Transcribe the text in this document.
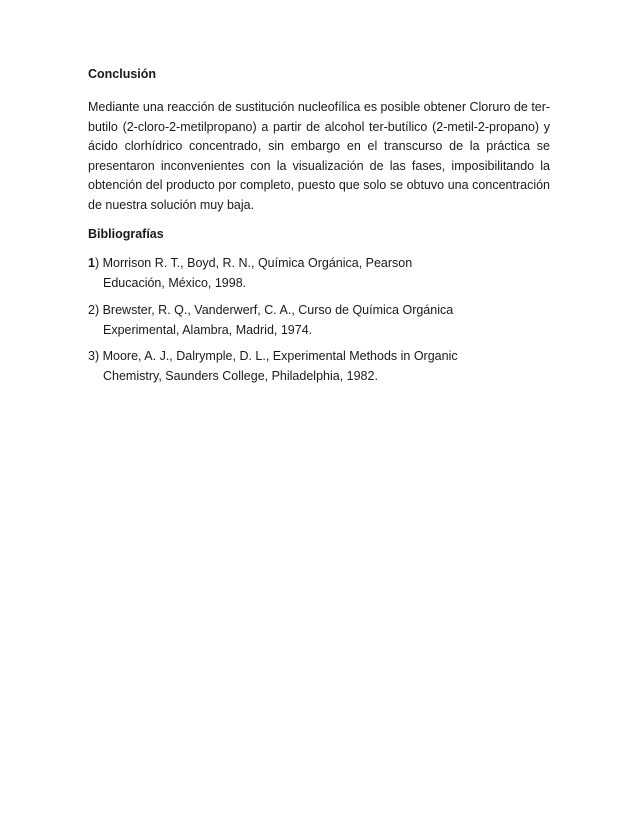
Conclusión

Mediante una reacción de sustitución nucleofílica es posible obtener Cloruro de ter-
butilo (2-cloro-2-metilpropano) a partir de alcohol ter-butílico (2-metil-2-propano) y
ácido clorhídrico concentrado, sin embargo en el transcurso de la práctica se
presentaron inconvenientes con la visualización de las fases, imposibilitando la
obtención del producto por completo, puesto que solo se obtuvo una concentración
de nuestra solución muy baja.

Bibliografías

1) Morrison R. T., Boyd, R. N., Química Orgánica, Pearson
Educación, México, 1998.

2) Brewster, R. Q., Vanderwerf, C. A., Curso de Química Orgánica
Experimental, Alambra, Madrid, 1974.

3) Moore, A. J., Dalrymple, D. L., Experimental Methods in Organic
Chemistry, Saunders College, Philadelphia, 1982.
